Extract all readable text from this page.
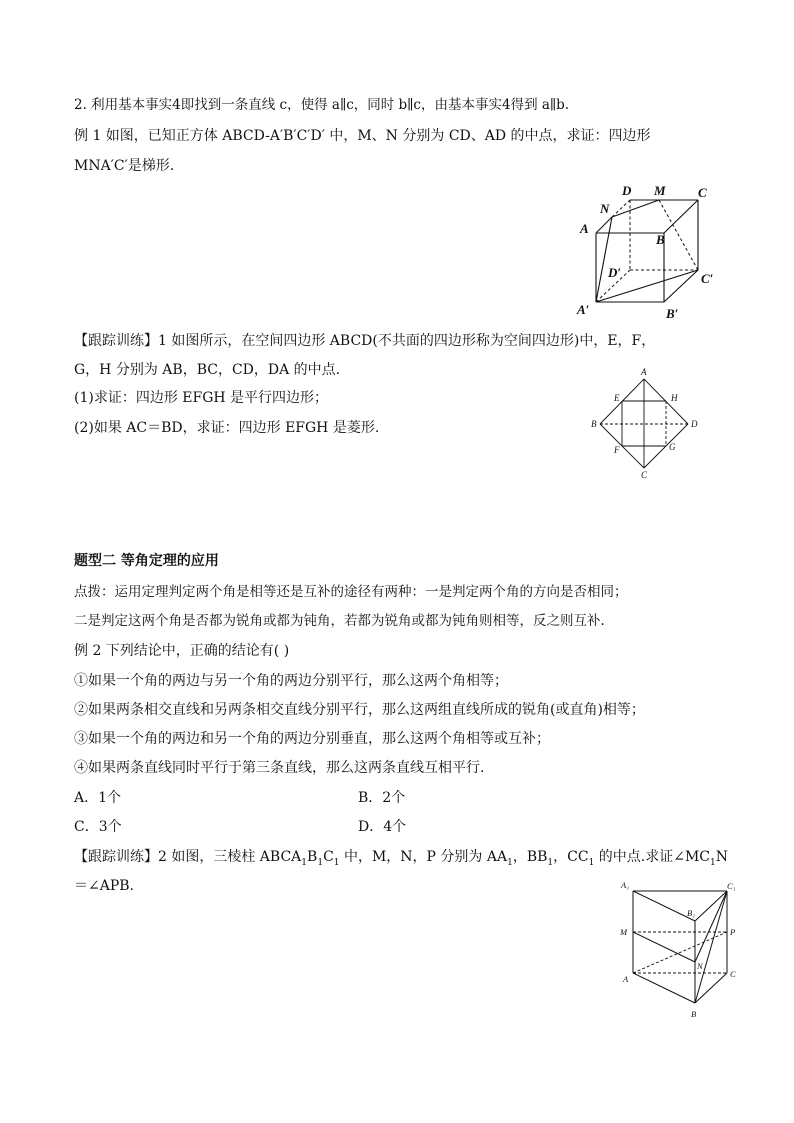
2. 利用基本事实4即找到一条直线 c，使得 a∥c，同时 b∥c，由基本事实4得到 a∥b.
例 1 如图，已知正方体 ABCD-A′B′C′D′ 中，M、N 分别为 CD、AD 的中点，求证：四边形
MNA′C′是梯形.
【跟踪训练】1 如图所示，在空间四边形 ABCD(不共面的四边形称为空间四边形)中，E，F，
G，H 分别为 AB，BC，CD，DA 的中点.
(1)求证：四边形 EFGH 是平行四边形；
(2)如果 AC＝BD，求证：四边形 EFGH 是菱形.
题型二 等角定理的应用
点拨：运用定理判定两个角是相等还是互补的途径有两种：一是判定两个角的方向是否相同；
二是判定这两个角是否都为锐角或都为钝角，若都为锐角或都为钝角则相等，反之则互补.
例 2 下列结论中，正确的结论有( )
①如果一个角的两边与另一个角的两边分别平行，那么这两个角相等；
②如果两条相交直线和另两条相交直线分别平行，那么这两组直线所成的锐角(或直角)相等；
③如果一个角的两边和另一个角的两边分别垂直，那么这两个角相等或互补；
④如果两条直线同时平行于第三条直线，那么这两条直线互相平行.
A．1个	B．2个
C．3个	D．4个
【跟踪训练】2 如图，三棱柱 $ABCA_1B_1C_1$ 中，M，N，P 分别为 $AA_1$，$BB_1$，$CC_1$ 的中点.求证$\angle MC_1N$
＝∠APB.
D M C
N
A
B
D′	C′
A′	B′
A
B
C
D
E
F	G
H
A₁	C₁
B₁
M	P
N
A	C
B
